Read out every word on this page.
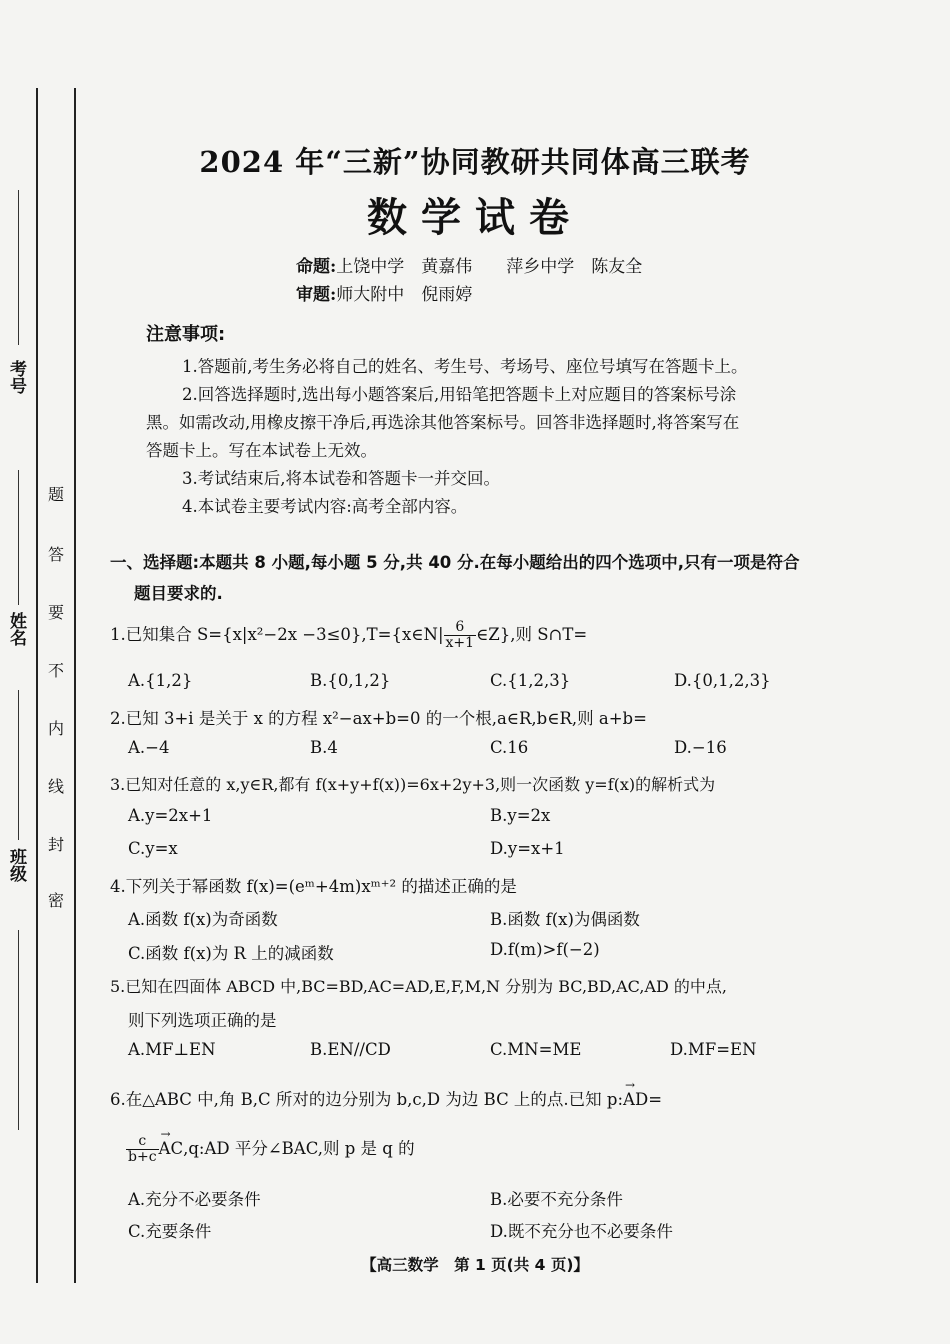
考号
姓名
班级
题
答
要
不
内
线
封
密
2024 年“三新”协同教研共同体高三联考
数学试卷
命题:上饶中学　黄嘉伟　　萍乡中学　陈友全
审题:师大附中　倪雨婷
注意事项:
1.答题前,考生务必将自己的姓名、考生号、考场号、座位号填写在答题卡上。
2.回答选择题时,选出每小题答案后,用铅笔把答题卡上对应题目的答案标号涂
黑。如需改动,用橡皮擦干净后,再选涂其他答案标号。回答非选择题时,将答案写在
答题卡上。写在本试卷上无效。
3.考试结束后,将本试卷和答题卡一并交回。
4.本试卷主要考试内容:高考全部内容。
一、选择题:本题共 8 小题,每小题 5 分,共 40 分.在每小题给出的四个选项中,只有一项是符合
题目要求的.
1.已知集合 S={x|x²−2x −3≤0},T={x∈N| $\frac{6}{x+1}$ ∈Z},则 S∩T=
A.{1,2}	B.{0,1,2}	C.{1,2,3}	D.{0,1,2,3}
2.已知 3+i 是关于 x 的方程 x²−ax+b=0 的一个根,a∈R,b∈R,则 a+b=
A.−4	B.4	C.16	D.−16
3.已知对任意的 x,y∈R,都有 f(x+y+f(x))=6x+2y+3,则一次函数 y=f(x)的解析式为
A.y=2x+1	B.y=2x
C.y=x	D.y=x+1
4.下列关于幂函数 f(x)=(eᵐ+4m)xᵐ⁺² 的描述正确的是
A.函数 f(x)为奇函数	B.函数 f(x)为偶函数
C.函数 f(x)为 R 上的减函数	D.f(m)>f(−2)
5.已知在四面体 ABCD 中,BC=BD,AC=AD,E,F,M,N 分别为 BC,BD,AC,AD 的中点,
则下列选项正确的是
A.MF⊥EN	B.EN//CD	C.MN=ME	D.MF=EN
6.在△ABC 中,角 B,C 所对的边分别为 b,c,D 为边 BC 上的点.已知 p:→ AD=
$\frac{c}{b+c}$
→ AC,q:AD 平分∠BAC,则 p 是 q 的
A.充分不必要条件	B.必要不充分条件
C.充要条件	D.既不充分也不必要条件
【高三数学　第 1 页(共 4 页)】
